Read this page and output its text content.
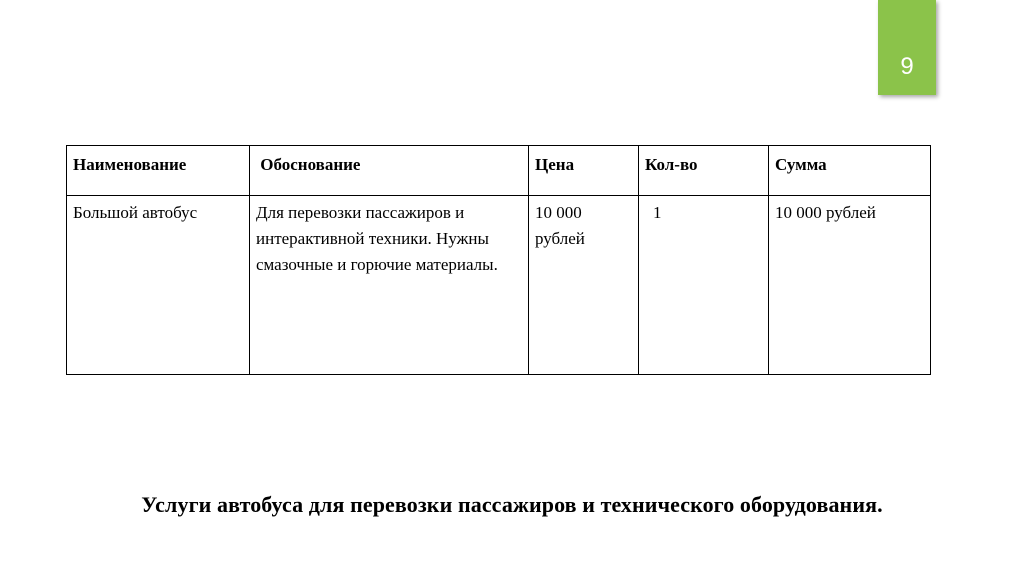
9
Наименование	Обоснование	Цена	Кол-во	Сумма
Большой автобус	Для перевозки пассажиров и интерактивной техники. Нужны смазочные и горючие материалы.	10 000 рублей	1	10 000 рублей
Услуги автобуса для перевозки пассажиров и технического оборудования.
